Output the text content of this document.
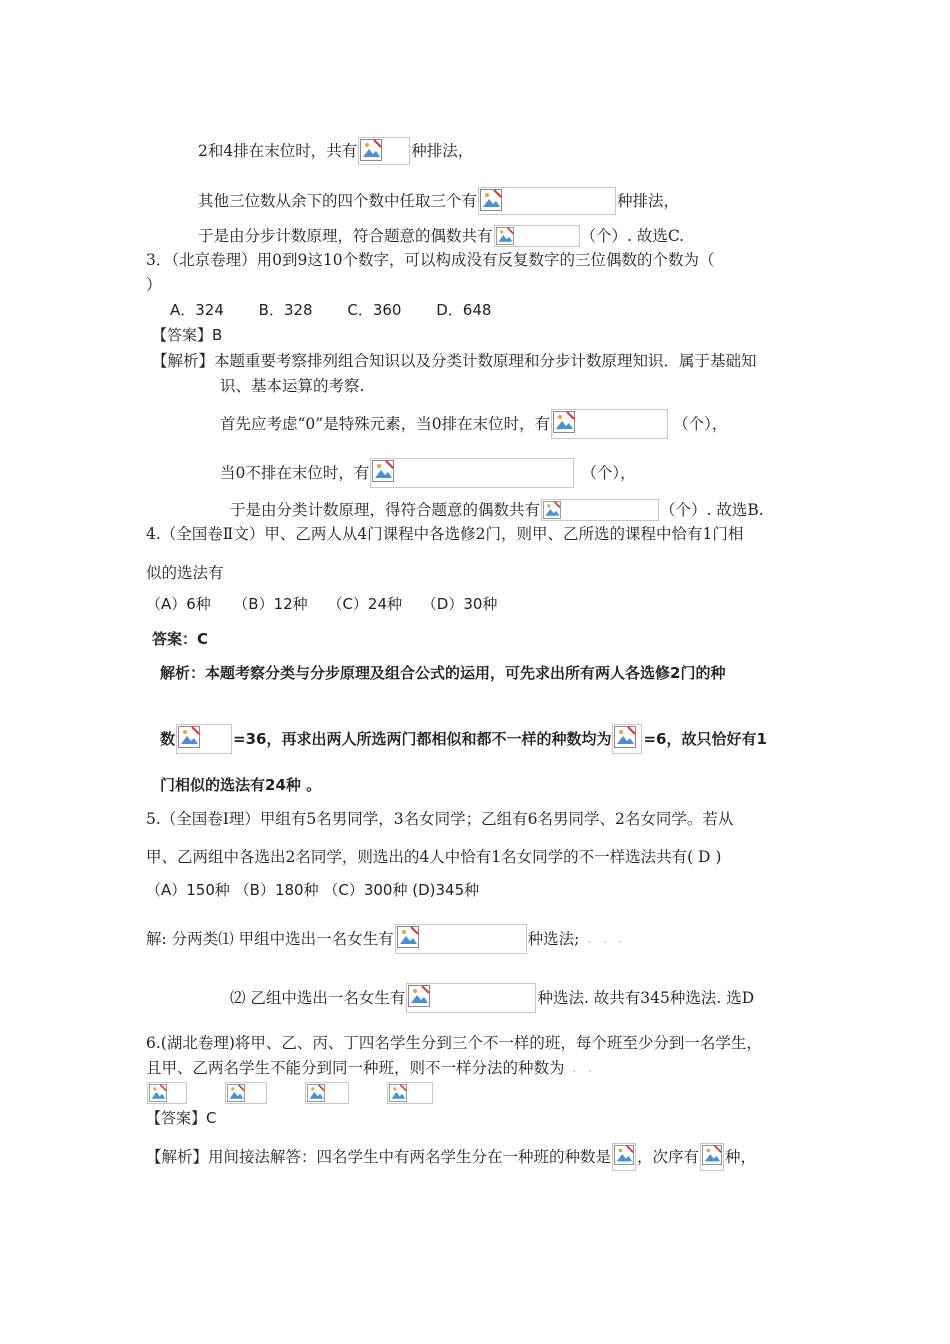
2和4排在末位时，共有	种排法，
其他三位数从余下的四个数中任取三个有	种排法，
于是由分步计数原理，符合题意的偶数共有	（个）. 故选C.
3．（北京卷理）用0到9这10个数字，可以构成没有反复数字的三位偶数的个数为（
）
A．324　　 B．328　　 C．360　　 D．648
【答案】B
【解析】本题重要考察排列组合知识以及分类计数原理和分步计数原理知识．属于基础知
识、基本运算的考察.
首先应考虑“0”是特殊元素，当0排在末位时，有	（个），
当0不排在末位时，有	（个），
于是由分类计数原理，得符合题意的偶数共有	（个）. 故选B.
4.（全国卷Ⅱ文）甲、乙两人从4门课程中各选修2门，则甲、乙所选的课程中恰有1门相
似的选法有
（A）6种　　（B）12种　 （C）24种　 （D）30种
答案：C
解析：本题考察分类与分步原理及组合公式的运用，可先求出所有两人各选修2门的种
数	=36，再求出两人所选两门都相似和都不一样的种数均为 =6，故只恰好有1
门相似的选法有24种 。
5.（全国卷Ⅰ理）甲组有5名男同学，3名女同学；乙组有6名男同学、2名女同学。若从
甲、乙两组中各选出2名同学，则选出的4人中恰有1名女同学的不一样选法共有( D )
（A）150种 （B）180种 （C）300种 (D)345种
解: 分两类⑴ 甲组中选出一名女生有	种选法; . . .
⑵ 乙组中选出一名女生有	种选法. 故共有345种选法. 选D
6.(湖北卷理)将甲、乙、丙、丁四名学生分到三个不一样的班，每个班至少分到一名学生，
且甲、乙两名学生不能分到同一种班，则不一样分法的种数为 . .
【答案】C
【解析】用间接法解答：四名学生中有两名学生分在一种班的种数是 ，次序有 种，
